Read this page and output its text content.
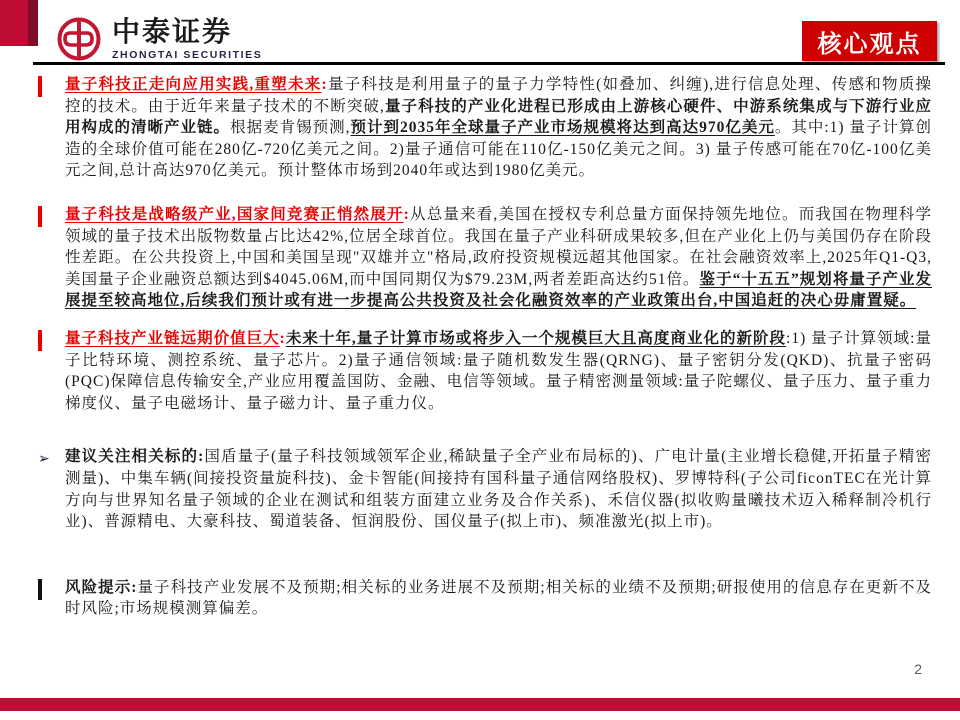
中泰证券
ZHONGTAI SECURITIES	核心观点
量子科技正走向应用实践,重塑未来:量子科技是利用量子的量子力学特性(如叠加、纠缠),进行信息处理、传感和物质操控的技术。由于近年来量子技术的不断突破,量子科技的产业化进程已形成由上游核心硬件、中游系统集成与下游行业应用构成的清晰产业链。根据麦肯锡预测,预计到2035年全球量子产业市场规模将达到高达970亿美元。其中:1) 量子计算创造的全球价值可能在280亿-720亿美元之间。2)量子通信可能在110亿-150亿美元之间。3) 量子传感可能在70亿-100亿美元之间,总计高达970亿美元。预计整体市场到2040年或达到1980亿美元。
量子科技是战略级产业,国家间竞赛正悄然展开:从总量来看,美国在授权专利总量方面保持领先地位。而我国在物理科学领域的量子技术出版物数量占比达42%,位居全球首位。我国在量子产业科研成果较多,但在产业化上仍与美国仍存在阶段性差距。在公共投资上,中国和美国呈现"双雄并立"格局,政府投资规模远超其他国家。在社会融资效率上,2025年Q1-Q3,美国量子企业融资总额达到$4045.06M,而中国同期仅为$79.23M,两者差距高达约51倍。鉴于“十五五”规划将量子产业发展提至较高地位,后续我们预计或有进一步提高公共投资及社会化融资效率的产业政策出台,中国追赶的决心毋庸置疑。
量子科技产业链远期价值巨大:未来十年,量子计算市场或将步入一个规模巨大且高度商业化的新阶段:1) 量子计算领域:量子比特环境、测控系统、量子芯片。2)量子通信领域:量子随机数发生器(QRNG)、量子密钥分发(QKD)、抗量子密码(PQC)保障信息传输安全,产业应用覆盖国防、金融、电信等领域。量子精密测量领域:量子陀螺仪、量子压力、量子重力梯度仪、量子电磁场计、量子磁力计、量子重力仪。
➢ 建议关注相关标的:国盾量子(量子科技领域领军企业,稀缺量子全产业布局标的)、广电计量(主业增长稳健,开拓量子精密测量)、中集车辆(间接投资量旋科技)、金卡智能(间接持有国科量子通信网络股权)、罗博特科(子公司ficonTEC在光计算方向与世界知名量子领域的企业在测试和组装方面建立业务及合作关系)、禾信仪器(拟收购量曦技术迈入稀释制冷机行业)、普源精电、大豪科技、蜀道装备、恒润股份、国仪量子(拟上市)、频准激光(拟上市)。
风险提示:量子科技产业发展不及预期;相关标的业务进展不及预期;相关标的业绩不及预期;研报使用的信息存在更新不及时风险;市场规模测算偏差。
2
